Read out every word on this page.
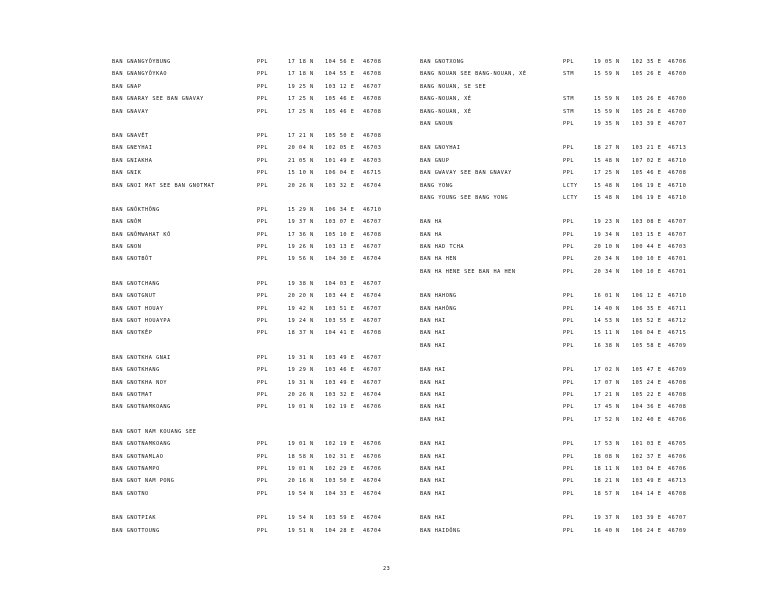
BAN GNANGYÔYBUNG	PPL	17 18 N 104 56 E 46708
BAN GNANGYÔYKAO	PPL	17 18 N 104 55 E 46708
BAN GNAP	PPL	19 25 N 103 12 E 46707
BAN GNARAY SEE BAN GNAVAY	PPL	17 25 N 105 46 E 46708
BAN GNAVAY	PPL	17 25 N 105 46 E 46708
BAN GNAVÊT	PPL	17 21 N 105 50 E 46708
BAN GNEYHAI	PPL	20 04 N 102 05 E 46703
BAN GNIAKHA	PPL	21 05 N 101 49 E 46703
BAN GNIK	PPL	15 10 N 106 04 E 46715
BAN GNOI MAT SEE BAN GNOTMAT	PPL	20 26 N 103 32 E 46704
BAN GNÔKTHÔNG	PPL	15 29 N 106 34 E 46710
BAN GNÔM	PPL	19 37 N 103 07 E 46707
BAN GNÔMWAHAT KÔ	PPL	17 36 N 105 10 E 46708
BAN GNON	PPL	19 26 N 103 13 E 46707
BAN GNOTBÔT	PPL	19 56 N 104 30 E 46704
BAN GNOTCHANG	PPL	19 38 N 104 03 E 46707
BAN GNOTGNUT	PPL	20 20 N 103 44 E 46704
BAN GNOT HOUAY	PPL	19 42 N 103 51 E 46707
BAN GNOT HOUAYPA	PPL	19 24 N 103 55 E 46707
BAN GNOTKÊP	PPL	18 37 N 104 41 E 46708
BAN GNOTKHA GNAI	PPL	19 31 N 103 49 E 46707
BAN GNOTKHANG	PPL	19 29 N 103 46 E 46707
BAN GNOTKHA NOY	PPL	19 31 N 103 49 E 46707
BAN GNOTMAT	PPL	20 26 N 103 32 E 46704
BAN GNOTNAMKOANG	PPL	19 01 N 102 19 E 46706
BAN GNOT NAM KOUANG SEE
BAN GNOTNAMKOANG	PPL	19 01 N 102 19 E 46706
BAN GNOTNAMLAO	PPL	18 58 N 102 31 E 46706
BAN GNOTNAMPO	PPL	19 01 N 102 29 E 46706
BAN GNOT NAM PONG	PPL	20 16 N 103 50 E 46704
BAN GNOTNO	PPL	19 54 N 104 33 E 46704
BAN GNOTPIAK	PPL	19 54 N 103 59 E 46704
BAN GNOTTOUNG	PPL	19 51 N 104 28 E 46704
BAN GNOTXONG	PPL	19 05 N 102 35 E 46706
BANG NOUAN SEE BANG-NOUAN, XÉ	STM	15 59 N 105 26 E 46700
BANG NOUAN, SE SEE
BANG-NOUAN, XÉ	STM	15 59 N 105 26 E 46700
BANG-NOUAN, XÉ	STM	15 59 N 105 26 E 46700
BAN GNOUN	PPL	19 35 N 103 39 E 46707
BAN GNOYHAI	PPL	18 27 N 103 21 E 46713
BAN GNUP	PPL	15 48 N 107 02 E 46710
BAN GWAVAY SEE BAN GNAVAY	PPL	17 25 N 105 46 E 46708
BANG YONG	LCTY	15 48 N 106 19 E 46710
BANG YOUNG SEE BANG YONG	LCTY	15 48 N 106 19 E 46710
BAN HA	PPL	19 23 N 103 08 E 46707
BAN HA	PPL	19 34 N 103 15 E 46707
BAN HAD TCHA	PPL	20 10 N 100 44 E 46703
BAN HA HEN	PPL	20 34 N 100 10 E 46701
BAN HA HENE SEE BAN HA HEN	PPL	20 34 N 100 10 E 46701
BAN HAHONG	PPL	16 01 N 106 12 E 46710
BAN HAHÔNG	PPL	14 40 N 106 35 E 46711
BAN HAI	PPL	14 53 N 105 52 E 46712
BAN HAI	PPL	15 11 N 106 04 E 46715
BAN HAI	PPL	16 38 N 105 58 E 46709
BAN HAI	PPL	17 02 N 105 47 E 46709
BAN HAI	PPL	17 07 N 105 24 E 46708
BAN HAI	PPL	17 21 N 105 22 E 46708
BAN HAI	PPL	17 45 N 104 36 E 46708
BAN HAI	PPL	17 52 N 102 40 E 46706
BAN HAI	PPL	17 53 N 101 03 E 46705
BAN HAI	PPL	18 08 N 102 37 E 46706
BAN HAI	PPL	18 11 N 103 04 E 46706
BAN HAI	PPL	18 21 N 103 49 E 46713
BAN HAI	PPL	18 57 N 104 14 E 46708
BAN HAI	PPL	19 37 N 103 39 E 46707
BAN HAIDÔNG	PPL	16 40 N 106 24 E 46709
23
